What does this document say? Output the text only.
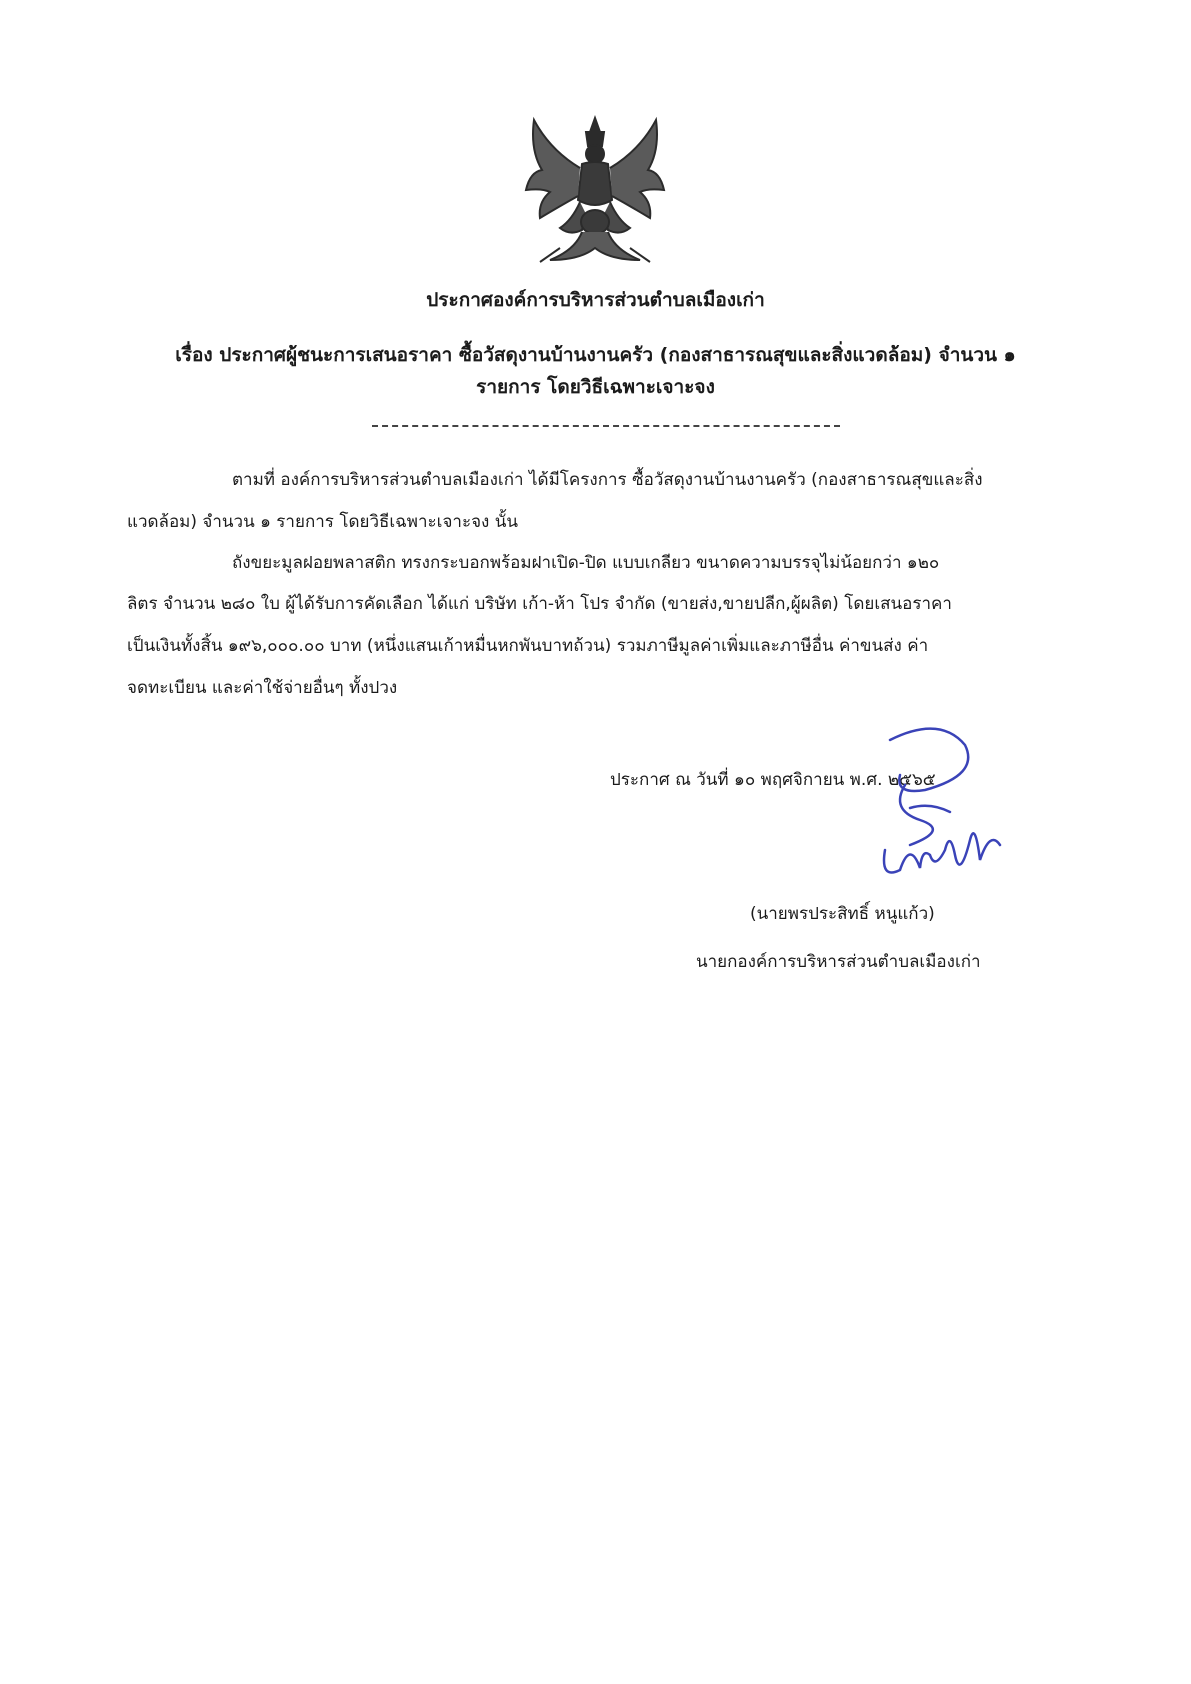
ประกาศองค์การบริหารส่วนตำบลเมืองเก่า
เรื่อง ประกาศผู้ชนะการเสนอราคา ซื้อวัสดุงานบ้านงานครัว (กองสาธารณสุขและสิ่งแวดล้อม) จำนวน ๑
รายการ โดยวิธีเฉพาะเจาะจง
ตามที่ องค์การบริหารส่วนตำบลเมืองเก่า ได้มีโครงการ ซื้อวัสดุงานบ้านงานครัว (กองสาธารณสุขและสิ่ง
แวดล้อม) จำนวน ๑ รายการ โดยวิธีเฉพาะเจาะจง นั้น
ถังขยะมูลฝอยพลาสติก ทรงกระบอกพร้อมฝาเปิด-ปิด แบบเกลียว ขนาดความบรรจุไม่น้อยกว่า ๑๒๐
ลิตร จำนวน ๒๘๐ ใบ ผู้ได้รับการคัดเลือก ได้แก่ บริษัท เก้า-ห้า โปร จำกัด (ขายส่ง,ขายปลีก,ผู้ผลิต) โดยเสนอราคา
เป็นเงินทั้งสิ้น ๑๙๖,๐๐๐.๐๐ บาท (หนึ่งแสนเก้าหมื่นหกพันบาทถ้วน) รวมภาษีมูลค่าเพิ่มและภาษีอื่น ค่าขนส่ง ค่า
จดทะเบียน และค่าใช้จ่ายอื่นๆ ทั้งปวง
ประกาศ ณ วันที่ ๑๐ พฤศจิกายน พ.ศ. ๒๕๖๕
(นายพรประสิทธิ์ หนูแก้ว)
นายกองค์การบริหารส่วนตำบลเมืองเก่า
